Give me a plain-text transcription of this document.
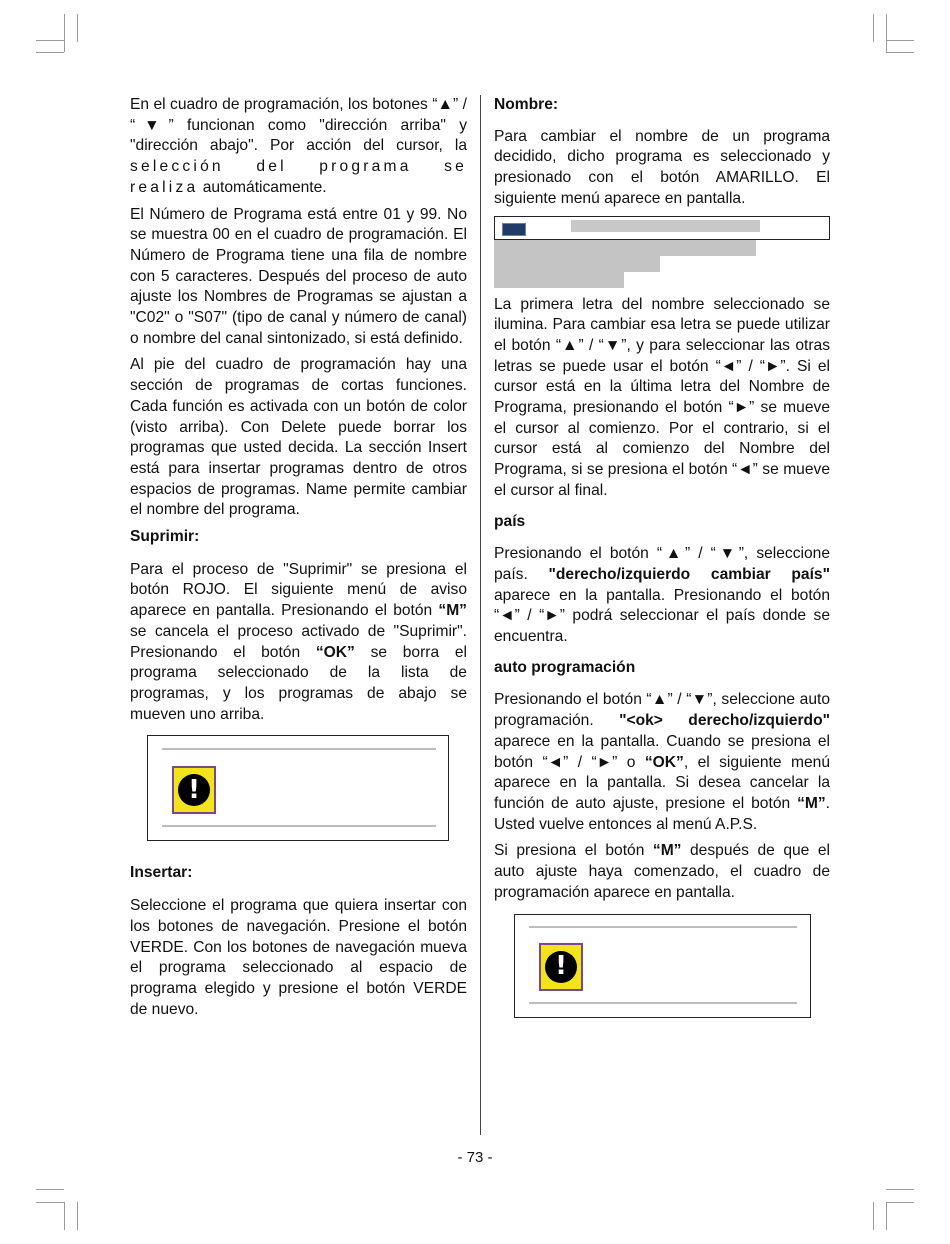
En el cuadro de programación, los botones “▲” / “▼” funcionan como "dirección arriba" y "dirección abajo". Por acción del cursor, la selección del programa se realiza automáticamente.

El Número de Programa está entre 01 y 99. No se muestra 00 en el cuadro de programación. El Número de Programa tiene una fila de nombre con 5 caracteres. Después del proceso de auto ajuste los Nombres de Programas se ajustan a "C02" o "S07" (tipo de canal y número de canal) o nombre del canal sintonizado, si está definido.

Al pie del cuadro de programación hay una sección de programas de cortas funciones. Cada función es activada con un botón de color (visto arriba). Con Delete puede borrar los programas que usted decida. La sección Insert está para insertar programas dentro de otros espacios de programas. Name permite cambiar el nombre del programa.

Suprimir:

Para el proceso de "Suprimir" se presiona el botón ROJO. El siguiente menú de aviso aparece en pantalla. Presionando el botón “M” se cancela el proceso activado de "Suprimir". Presionando el botón “OK” se borra el programa seleccionado de la lista de programas, y los programas de abajo se mueven uno arriba.

!
Insertar:

Seleccione el programa que quiera insertar con los botones de navegación. Presione el botón VERDE. Con los botones de navegación mueva el programa seleccionado al espacio de programa elegido y presione el botón VERDE de nuevo.

Nombre:

Para cambiar el nombre de un programa decidido, dicho programa es seleccionado y presionado con el botón AMARILLO. El siguiente menú aparece en pantalla.

La primera letra del nombre seleccionado se ilumina. Para cambiar esa letra se puede utilizar el botón “▲” / “▼”, y para seleccionar las otras letras se puede usar el botón “◄” / “►”. Si el cursor está en la última letra del Nombre de Programa, presionando el botón “►” se mueve el cursor al comienzo. Por el contrario, si el cursor está al comienzo del Nombre del Programa, si se presiona el botón “◄” se mueve el cursor al final.

país

Presionando el botón “▲” / “▼”, seleccione país. "derecho/izquierdo cambiar país" aparece en la pantalla. Presionando el botón “◄” / “►” podrá seleccionar el país donde se encuentra.

auto programación

Presionando el botón “▲” / “▼”, seleccione auto programación. "<ok> derecho/izquierdo" aparece en la pantalla. Cuando se presiona el botón “◄” / “►” o “OK”, el siguiente menú aparece en la pantalla. Si desea cancelar la función de auto ajuste, presione el botón “M”. Usted vuelve entonces al menú A.P.S.

Si presiona el botón “M” después de que el auto ajuste haya comenzado, el cuadro de programación aparece en pantalla.

!
- 73 -
